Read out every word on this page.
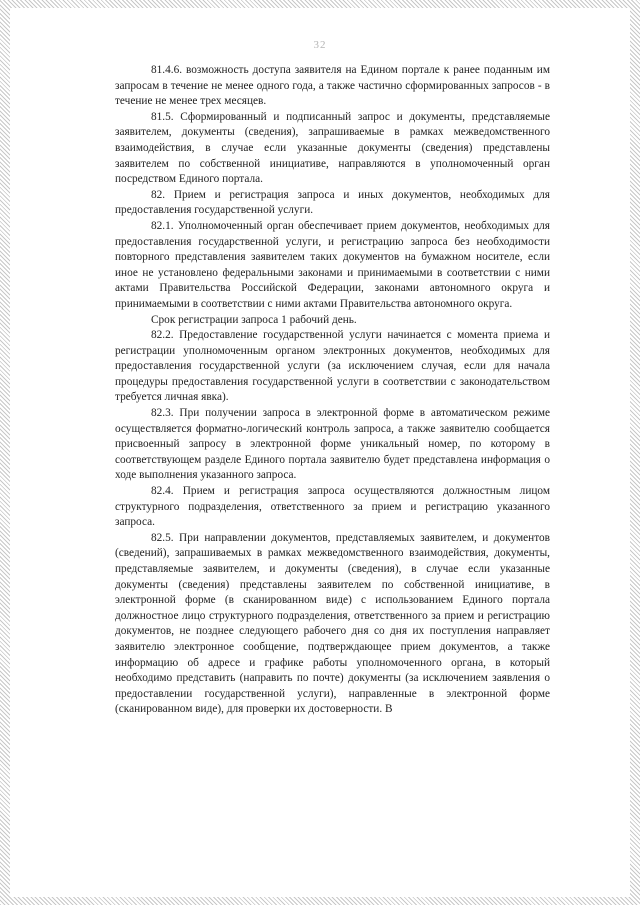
32

81.4.6. возможность доступа заявителя на Едином портале к ранее поданным им запросам в течение не менее одного года, а также частично сформированных запросов - в течение не менее трех месяцев.

81.5. Сформированный и подписанный запрос и документы, представляемые заявителем, документы (сведения), запрашиваемые в рамках межведомственного взаимодействия, в случае если указанные документы (сведения) представлены заявителем по собственной инициативе, направляются в уполномоченный орган посредством Единого портала.

82. Прием и регистрация запроса и иных документов, необходимых для предоставления государственной услуги.

82.1. Уполномоченный орган обеспечивает прием документов, необходимых для предоставления государственной услуги, и регистрацию запроса без необходимости повторного представления заявителем таких документов на бумажном носителе, если иное не установлено федеральными законами и принимаемыми в соответствии с ними актами Правительства Российской Федерации, законами автономного округа и принимаемыми в соответствии с ними актами Правительства автономного округа.

Срок регистрации запроса 1 рабочий день.

82.2. Предоставление государственной услуги начинается с момента приема и регистрации уполномоченным органом электронных документов, необходимых для предоставления государственной услуги (за исключением случая, если для начала процедуры предоставления государственной услуги в соответствии с законодательством требуется личная явка).

82.3. При получении запроса в электронной форме в автоматическом режиме осуществляется форматно-логический контроль запроса, а также заявителю сообщается присвоенный запросу в электронной форме уникальный номер, по которому в соответствующем разделе Единого портала заявителю будет представлена информация о ходе выполнения указанного запроса.

82.4. Прием и регистрация запроса осуществляются должностным лицом структурного подразделения, ответственного за прием и регистрацию указанного запроса.

82.5. При направлении документов, представляемых заявителем, и документов (сведений), запрашиваемых в рамках межведомственного взаимодействия, документы, представляемые заявителем, и документы (сведения), в случае если указанные документы (сведения) представлены заявителем по собственной инициативе, в электронной форме (в сканированном виде) с использованием Единого портала должностное лицо структурного подразделения, ответственного за прием и регистрацию документов, не позднее следующего рабочего дня со дня их поступления направляет заявителю электронное сообщение, подтверждающее прием документов, а также информацию об адресе и графике работы уполномоченного органа, в который необходимо представить (направить по почте) документы (за исключением заявления о предоставлении государственной услуги), направленные в электронной форме (сканированном виде), для проверки их достоверности. В
